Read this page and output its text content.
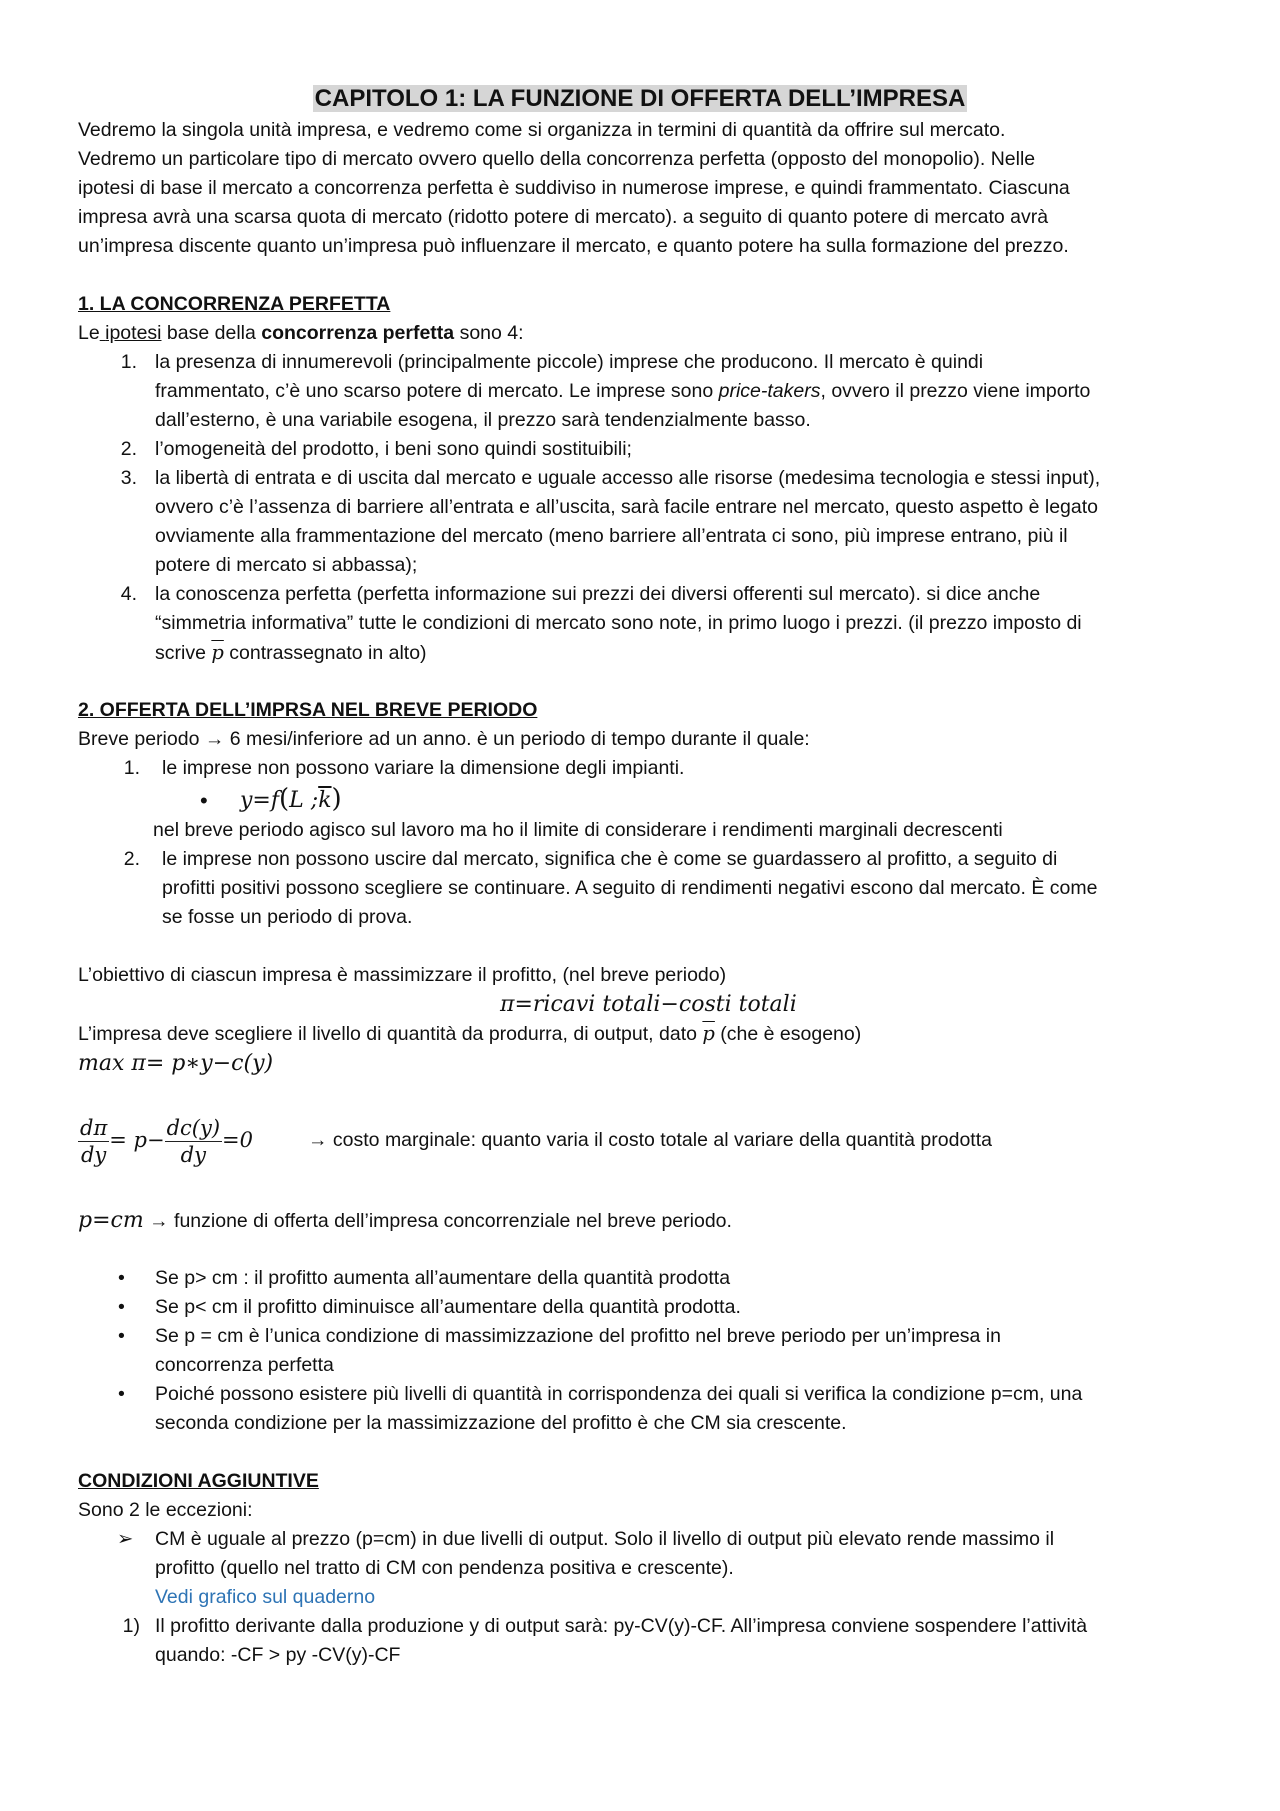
CAPITOLO 1: LA FUNZIONE DI OFFERTA DELL’IMPRESA
Vedremo la singola unità impresa, e vedremo come si organizza in termini di quantità da offrire sul mercato.
Vedremo un particolare tipo di mercato ovvero quello della concorrenza perfetta (opposto del monopolio). Nelle
ipotesi di base il mercato a concorrenza perfetta è suddiviso in numerose imprese, e quindi frammentato. Ciascuna
impresa avrà una scarsa quota di mercato (ridotto potere di mercato). a seguito di quanto potere di mercato avrà
un’impresa discente quanto un’impresa può influenzare il mercato, e quanto potere ha sulla formazione del prezzo.
1. LA CONCORRENZA PERFETTA
Le ipotesi base della concorrenza perfetta sono 4:
1. la presenza di innumerevoli (principalmente piccole) imprese che producono. Il mercato è quindi
frammentato, c’è uno scarso potere di mercato. Le imprese sono price-takers, ovvero il prezzo viene importo
dall’esterno, è una variabile esogena, il prezzo sarà tendenzialmente basso.
2. l’omogeneità del prodotto, i beni sono quindi sostituibili;
3. la libertà di entrata e di uscita dal mercato e uguale accesso alle risorse (medesima tecnologia e stessi input),
ovvero c’è l’assenza di barriere all’entrata e all’uscita, sarà facile entrare nel mercato, questo aspetto è legato
ovviamente alla frammentazione del mercato (meno barriere all’entrata ci sono, più imprese entrano, più il
potere di mercato si abbassa);
4. la conoscenza perfetta (perfetta informazione sui prezzi dei diversi offerenti sul mercato). si dice anche
“simmetria informativa” tutte le condizioni di mercato sono note, in primo luogo i prezzi. (il prezzo imposto di
scrive $\overline{p}$ contrassegnato in alto)
2. OFFERTA DELL’IMPRSA NEL BREVE PERIODO
Breve periodo → 6 mesi/inferiore ad un anno. è un periodo di tempo durante il quale:
1. le imprese non possono variare la dimensione degli impianti.
• y=f(L $;\overline{k}$)
nel breve periodo agisco sul lavoro ma ho il limite di considerare i rendimenti marginali decrescenti
2. le imprese non possono uscire dal mercato, significa che è come se guardassero al profitto, a seguito di
profitti positivi possono scegliere se continuare. A seguito di rendimenti negativi escono dal mercato. È come
se fosse un periodo di prova.
L’obiettivo di ciascun impresa è massimizzare il profitto, (nel breve periodo)
π=ricavi totali−costi totali
L’impresa deve scegliere il livello di quantità da produrra, di output, dato $\overline{p}$ (che è esogeno)
max π= p∗y−c(y)
$\frac{d\pi}{dy} = p- \frac{dc(y)}{dy} =0$	→ costo marginale: quanto varia il costo totale al variare della quantità prodotta
p=cm → funzione di offerta dell’impresa concorrenziale nel breve periodo.
• Se p> cm : il profitto aumenta all’aumentare della quantità prodotta
• Se p< cm il profitto diminuisce all’aumentare della quantità prodotta.
• Se p = cm è l’unica condizione di massimizzazione del profitto nel breve periodo per un’impresa in
concorrenza perfetta
• Poiché possono esistere più livelli di quantità in corrispondenza dei quali si verifica la condizione p=cm, una
seconda condizione per la massimizzazione del profitto è che CM sia crescente.
CONDIZIONI AGGIUNTIVE
Sono 2 le eccezioni:
➢ CM è uguale al prezzo (p=cm) in due livelli di output. Solo il livello di output più elevato rende massimo il
profitto (quello nel tratto di CM con pendenza positiva e crescente).
Vedi grafico sul quaderno
1) Il profitto derivante dalla produzione y di output sarà: py-CV(y)-CF. All’impresa conviene sospendere l’attività
quando: -CF > py -CV(y)-CF
